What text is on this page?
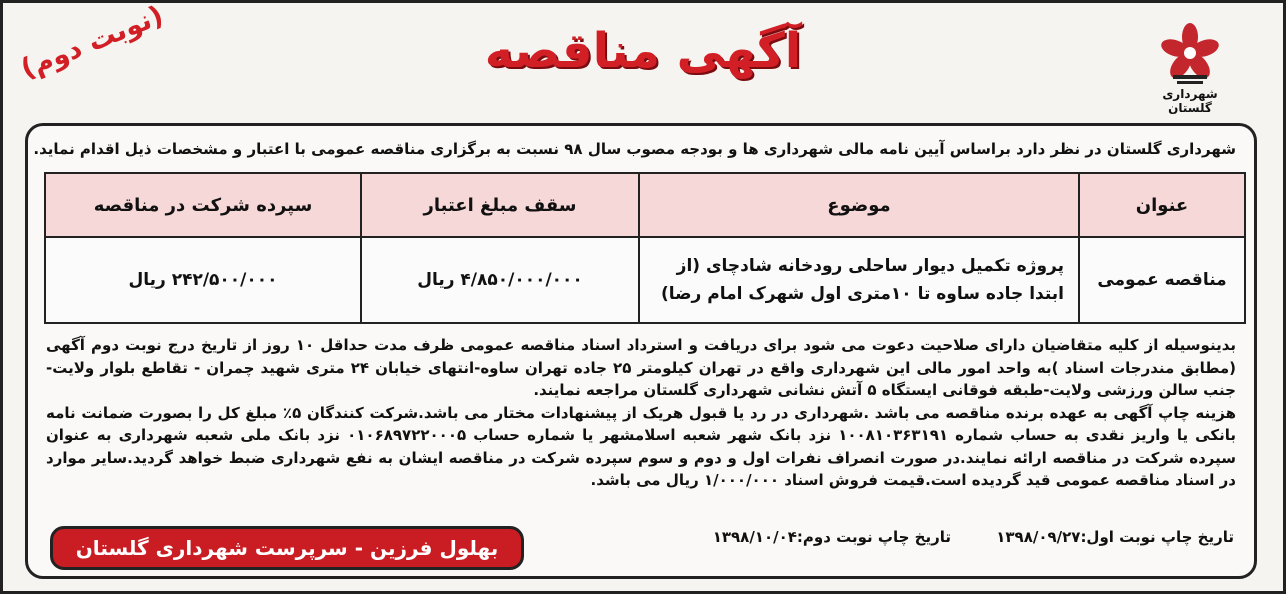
(نوبت دوم)	آگهی مناقصه
شهرداری گلستان
شهرداری گلستان در نظر دارد براساس آیین نامه مالی شهرداری ها و بودجه مصوب سال ۹۸ نسبت به برگزاری مناقصه عمومی با اعتبار و مشخصات ذیل اقدام نماید.
عنوان	موضوع	سقف مبلغ اعتبار	سپرده شرکت در مناقصه
مناقصه عمومی	پروژه تکمیل دیوار ساحلی رودخانه شادچای (از ابتدا جاده ساوه تا ۱۰متری اول شهرک امام رضا)	۴/۸۵۰/۰۰۰/۰۰۰ ریال	۲۴۲/۵۰۰/۰۰۰ ریال

بدینوسیله از کلیه متقاضیان دارای صلاحیت دعوت می شود برای دریافت و استرداد اسناد مناقصه عمومی ظرف مدت حداقل ۱۰ روز از تاریخ درج نوبت دوم آگهی (مطابق مندرجات اسناد )به واحد امور مالی این شهرداری واقع در تهران کیلومتر ۲۵ جاده تهران ساوه-انتهای خیابان ۲۴ متری شهید چمران - تقاطع بلوار ولایت-جنب سالن ورزشی ولایت-طبقه فوقانی ایستگاه ۵ آتش نشانی شهرداری گلستان مراجعه نمایند.

هزینه چاپ آگهی به عهده برنده مناقصه می باشد .شهرداری در رد یا قبول هریک از پیشنهادات مختار می باشد.شرکت کنندگان ۵٪ مبلغ کل را بصورت ضمانت نامه بانکی یا واریز نقدی به حساب شماره ۱۰۰۸۱۰۳۶۳۱۹۱ نزد بانک شهر شعبه اسلامشهر یا شماره حساب ۰۱۰۶۸۹۷۲۲۰۰۰۵ نزد بانک ملی شعبه شهرداری به عنوان سپرده شرکت در مناقصه ارائه نمایند.در صورت انصراف نفرات اول و دوم و سوم سپرده شرکت در مناقصه ایشان به نفع شهرداری ضبط خواهد گردید.سایر موارد در اسناد مناقصه عمومی قید گردیده است.قیمت فروش اسناد ۱/۰۰۰/۰۰۰ ریال می باشد.

تاریخ چاپ نوبت اول:۱۳۹۸/۰۹/۲۷ تاریخ چاپ نوبت دوم:۱۳۹۸/۱۰/۰۴
بهلول فرزین - سرپرست شهرداری گلستان
